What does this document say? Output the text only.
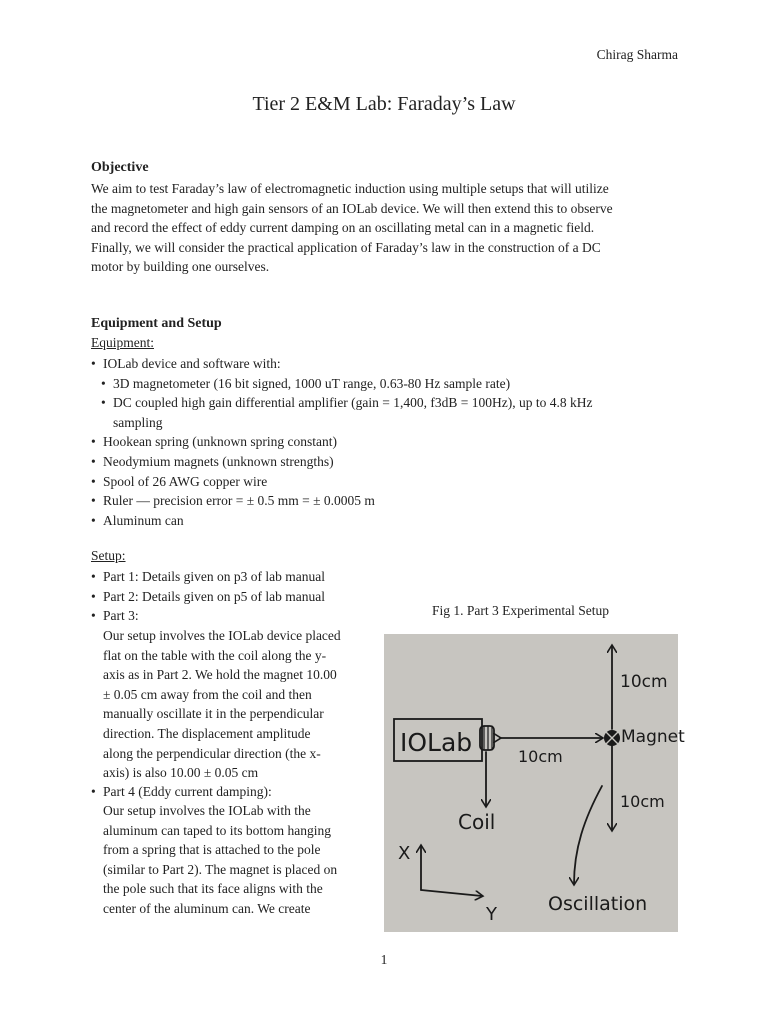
Chirag Sharma
Tier 2 E&M Lab: Faraday’s Law
Objective
We aim to test Faraday’s law of electromagnetic induction using multiple setups that will utilize
the magnetometer and high gain sensors of an IOLab device. We will then extend this to observe
and record the effect of eddy current damping on an oscillating metal can in a magnetic field.
Finally, we will consider the practical application of Faraday’s law in the construction of a DC
motor by building one ourselves.
Equipment and Setup
Equipment:
• IOLab device and software with:
• 3D magnetometer (16 bit signed, 1000 uT range, 0.63-80 Hz sample rate)
• DC coupled high gain differential amplifier (gain = 1,400, f3dB = 100Hz), up to 4.8 kHz
sampling
• Hookean spring (unknown spring constant)
• Neodymium magnets (unknown strengths)
• Spool of 26 AWG copper wire
• Ruler — precision error = ± 0.5 mm = ± 0.0005 m
• Aluminum can
Setup:
• Part 1: Details given on p3 of lab manual
• Part 2: Details given on p5 of lab manual
• Part 3:
Our setup involves the IOLab device placed
flat on the table with the coil along the y-
axis as in Part 2. We hold the magnet 10.00
± 0.05 cm away from the coil and then
manually oscillate it in the perpendicular
direction. The displacement amplitude
along the perpendicular direction (the x-
axis) is also 10.00 ± 0.05 cm
• Part 4 (Eddy current damping):
Our setup involves the IOLab with the
aluminum can taped to its bottom hanging
from a spring that is attached to the pole
(similar to Part 2). The magnet is placed on
the pole such that its face aligns with the
center of the aluminum can. We create
Fig 1. Part 3 Experimental Setup
IOLab	Magnet
10cm
10cm
10cm
Coil
X
Y	Oscillation
1
